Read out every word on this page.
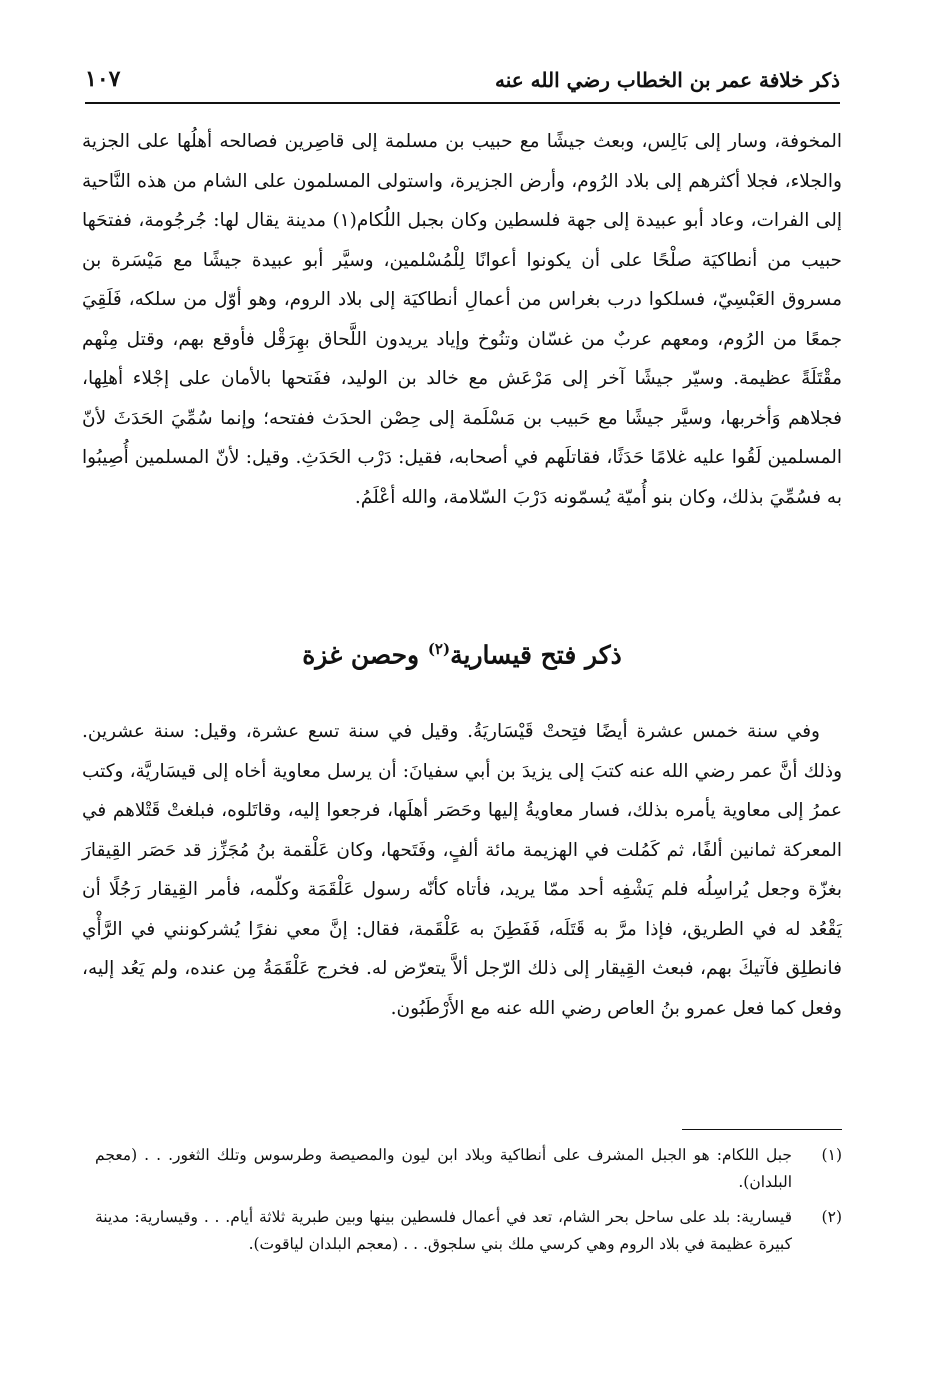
ذكر خلافة عمر بن الخطاب رضي الله عنه
١٠٧

المخوفة، وسار إلى بَالِس، وبعث جيشًا مع حبيب بن مسلمة إلى قاصِرين فصالحه أهلُها على الجزية والجلاء، فجلا أكثرهم إلى بلاد الرُوم، وأرض الجزيرة، واستولى المسلمون على الشام من هذه النَّاحية إلى الفرات، وعاد أبو عبيدة إلى جهة فلسطين وكان بجبل اللُكام(١) مدينة يقال لها: جُرجُومة، ففتحَها حبيب من أنطاكيَة صلْحًا على أن يكونوا أعوانًا لِلْمُسْلمين، وسيَّر أبو عبيدة جيشًا مع مَيْسَرة بن مسروق العَبْسِيّ، فسلكوا درب بغراس من أعمالِ أنطاكيَة إلى بلاد الروم، وهو أوّل من سلكه، فَلَقِيَ جمعًا من الرُوم، ومعهم عربٌ من غسّان وتنُوخ وإياد يريدون اللَّحاق بهِرَقْل فأوقع بهم، وقتل مِنْهم مقْتَلَةً عظيمة. وسيّر جيشًا آخر إلى مَرْعَش مع خالد بن الوليد، ففَتحها بالأمان على إجْلاء أهلِها، فجلاهم وَأخربها، وسيَّر جيشًا مع حَبيب بن مَسْلَمة إلى حِصْن الحدَث ففتحه؛ وإنما سُمِّيَ الحَدَثَ لأنّ المسلمين لَقُوا عليه غلامًا حَدَثًا، فقاتلَهم في أصحابه، فقيل: دَرْب الحَدَثِ. وقيل: لأنّ المسلمين أُصِيبُوا به فسُمِّيَ بذلك، وكان بنو أُميّة يُسمّونه دَرْبَ السّلامة، والله أعْلَمُ.

ذكر فتح قيسارية$^{(٢)}$ وحصن غزة

وفي سنة خمس عشرة أيضًا فتِحتْ قَيْسَاريَةُ. وقيل في سنة تسع عشرة، وقيل: سنة عشرين. وذلك أنَّ عمر رضي الله عنه كتبَ إلى يزيدَ بن أبي سفيانَ: أن يرسل معاوية أخاه إلى قيسَاريَّة، وكتب عمرُ إلى معاوية يأمره بذلك، فسار معاويةُ إليها وحَصَر أهلَها، فرجعوا إليه، وقاتَلوه، فبلغتْ قَتْلاهم في المعركة ثمانين ألفًا، ثم كَمُلت في الهزيمة مائة ألفٍ، وفَتَحها، وكان عَلْقمة بنُ مُجَزِّز قد حَصَر القِيقارَ بغزّة وجعل يُراسِلُه فلم يَشْفِه أحد ممّا يريد، فأتاه كأنّه رسول عَلْقَمَة وكلّمه، فأمر القِيقار رَجُلًا أن يَقْعُد له في الطريق، فإذا مرَّ به قَتَلَه، فَفَطِنَ به عَلْقَمة، فقال: إنَّ معي نفرًا يُشركونني في الرَّأْي فانطلِق فآتيكَ بهم، فبعث القِيقار إلى ذلك الرّجل ألاَّ يتعرّض له. فخرج عَلْقَمَةُ مِن عنده، ولم يَعُد إليه، وفعل كما فعل عمرو بنُ العاص رضي الله عنه مع الأَرْطَبُون.

(١)
جبل اللكام: هو الجبل المشرف على أنطاكية وبلاد ابن ليون والمصيصة وطرسوس وتلك الثغور. . . (معجم البلدان).
(٢)
قيسارية: بلد على ساحل بحر الشام، تعد في أعمال فلسطين بينها وبين طبرية ثلاثة أيام. . . وقيسارية: مدينة كبيرة عظيمة في بلاد الروم وهي كرسي ملك بني سلجوق. . . (معجم البلدان لياقوت).
